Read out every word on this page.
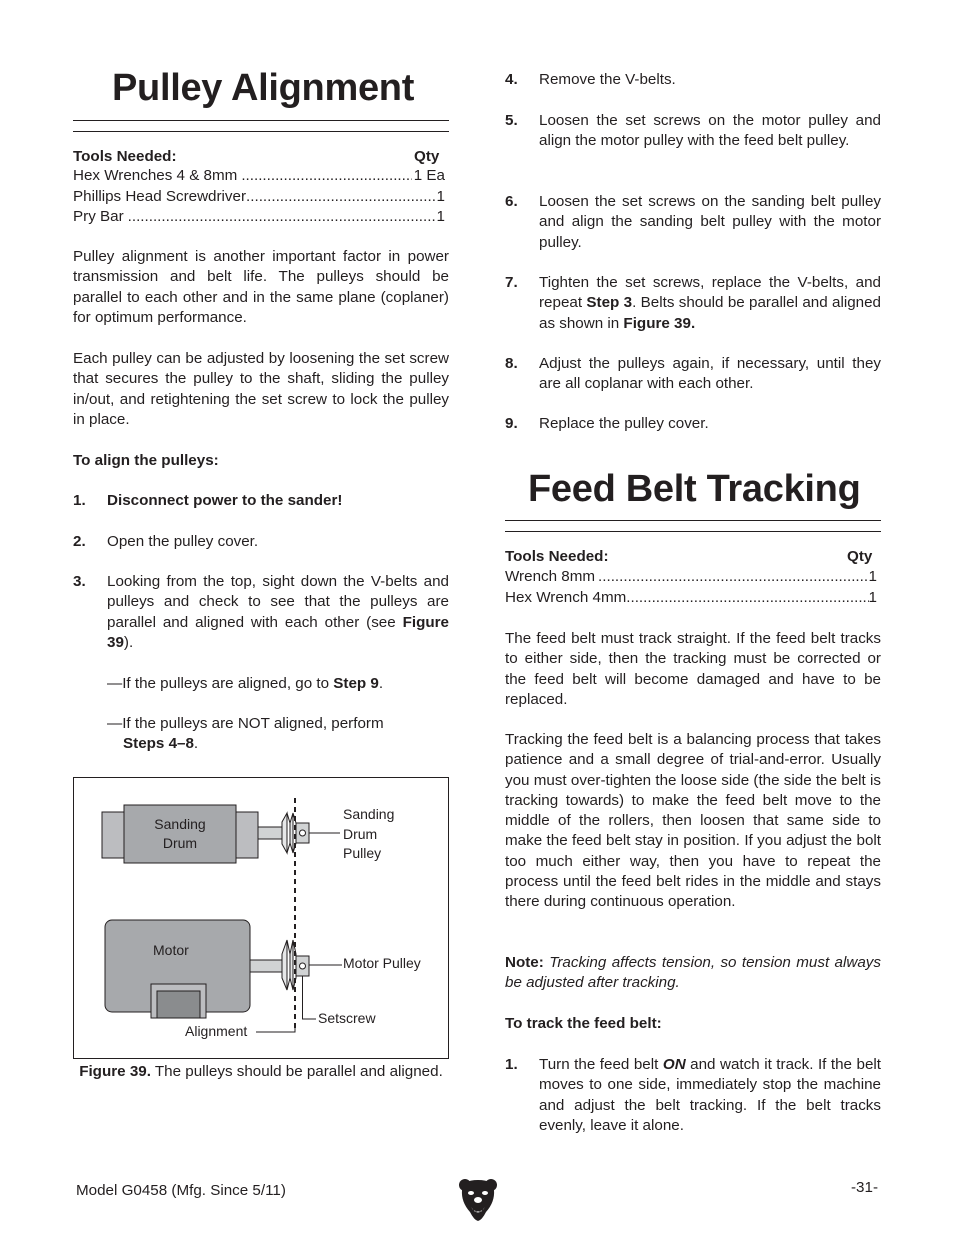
Pulley Alignment
Tools Needed:	Qty
Hex Wrenches 4 & 8mm .....	1 Ea
Phillips Head Screwdriver .....	1
Pry Bar .....	1

Pulley alignment is another important factor in power transmission and belt life. The pulleys should be parallel to each other and in the same plane (coplaner) for optimum performance.

Each pulley can be adjusted by loosening the set screw that secures the pulley to the shaft, sliding the pulley in/out, and retightening the set screw to lock the pulley in place.

To align the pulleys:
1. Disconnect power to the sander!
2. Open the pulley cover.
3. Looking from the top, sight down the V-belts and pulleys and check to see that the pulleys are parallel and aligned with each other (see Figure 39).
—If the pulleys are aligned, go to Step 9.
—If the pulleys are NOT aligned, perform
Steps 4–8.
Sanding
Drum
Motor
Sanding
Drum
Pulley
Motor Pulley
Setscrew
Alignment
Figure 39. The pulleys should be parallel and aligned.
4. Remove the V-belts.
5. Loosen the set screws on the motor pulley and align the motor pulley with the feed belt pulley.
6. Loosen the set screws on the sanding belt pulley and align the sanding belt pulley with the motor pulley.
7. Tighten the set screws, replace the V-belts, and repeat Step 3. Belts should be parallel and aligned as shown in Figure 39.
8. Adjust the pulleys again, if necessary, until they are all coplanar with each other.
9. Replace the pulley cover.
Feed Belt Tracking
Tools Needed:	Qty
Wrench 8mm .....	1
Hex Wrench 4mm .....	1

The feed belt must track straight. If the feed belt tracks to either side, then the tracking must be corrected or the feed belt will become damaged and have to be replaced.

Tracking the feed belt is a balancing process that takes patience and a small degree of trial-and-error. Usually you must over-tighten the loose side (the side the belt is tracking towards) to make the feed belt move to the middle of the rollers, then loosen that same side to make the feed belt stay in position. If you adjust the bolt too much either way, then you have to repeat the process until the feed belt rides in the middle and stays there during continuous operation.

Note: Tracking affects tension, so tension must always be adjusted after tracking.

To track the feed belt:
1. Turn the feed belt ON and watch it track. If the belt moves to one side, immediately stop the machine and adjust the belt tracking. If the belt tracks evenly, leave it alone.
Model G0458 (Mfg. Since 5/11)	-31-
